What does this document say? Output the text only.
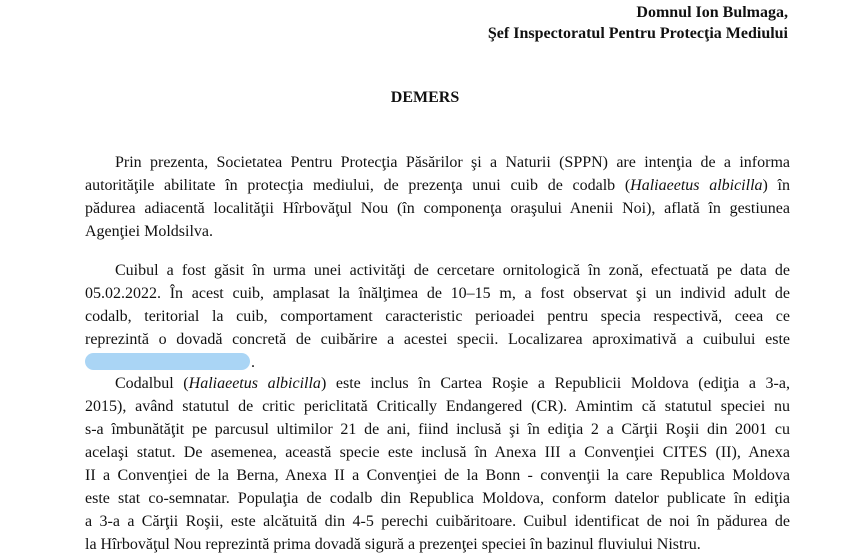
Domnul Ion Bulmaga,
Şef Inspectoratul Pentru Protecţia Mediului
DEMERS
Prin prezenta, Societatea Pentru Protecţia Păsărilor şi a Naturii (SPPN) are intenţia de a informa
autorităţile abilitate în protecţia mediului, de prezenţa unui cuib de codalb (Haliaeetus albicilla) în
pădurea adiacentă localităţii Hîrbovăţul Nou (în componenţa oraşului Anenii Noi), aflată în gestiunea
Agenţiei Moldsilva.
Cuibul a fost găsit în urma unei activităţi de cercetare ornitologică în zonă, efectuată pe data de
05.02.2022. În acest cuib, amplasat la înălţimea de 10–15 m, a fost observat şi un individ adult de
codalb, teritorial la cuib, comportament caracteristic perioadei pentru specia respectivă, ceea ce
reprezintă o dovadă concretă de cuibărire a acestei specii. Localizarea aproximativă a cuibului este
.
Codalbul (Haliaeetus albicilla) este inclus în Cartea Roşie a Republicii Moldova (ediţia a 3-a,
2015), având statutul de critic periclitată Critically Endangered (CR). Amintim că statutul speciei nu
s-a îmbunătăţit pe parcusul ultimilor 21 de ani, fiind inclusă şi în ediţia 2 a Cărţii Roşii din 2001 cu
acelaşi statut. De asemenea, această specie este inclusă în Anexa III a Convenţiei CITES (II), Anexa
II a Convenţiei de la Berna, Anexa II a Convenţiei de la Bonn - convenţii la care Republica Moldova
este stat co-semnatar. Populaţia de codalb din Republica Moldova, conform datelor publicate în ediţia
a 3-a a Cărţii Roşii, este alcătuită din 4-5 perechi cuibăritoare. Cuibul identificat de noi în pădurea de
la Hîrbovăţul Nou reprezintă prima dovadă sigură a prezenţei speciei în bazinul fluviului Nistru.
